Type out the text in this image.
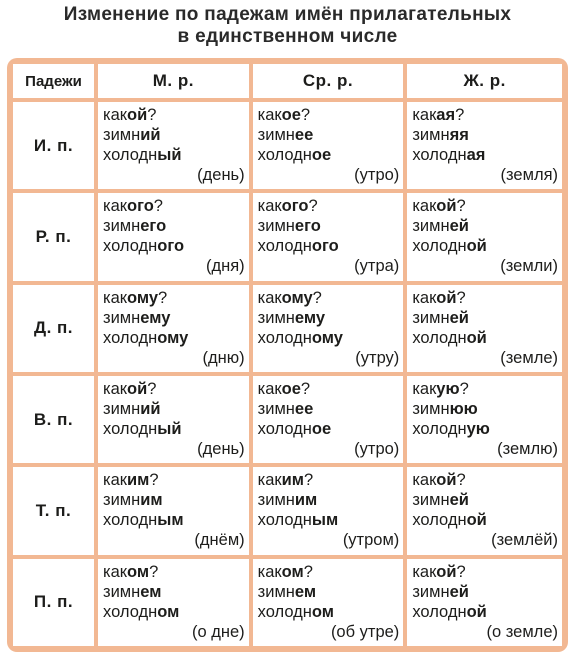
Изменение по падежам имён прилагательных
в единственном числе
Падежи	М. р.	Ср. р.	Ж. р.
И. п.	какой?
зимний
холодный
(день)	какое?
зимнее
холодное
(утро)	какая?
зимняя
холодная
(земля)

Р. п.	какого?
зимнего
холодного
(дня)	какого?
зимнего
холодного
(утра)	какой?
зимней
холодной
(земли)

Д. п.	какому?
зимнему
холодному
(дню)	какому?
зимнему
холодному
(утру)	какой?
зимней
холодной
(земле)

В. п.	какой?
зимний
холодный
(день)	какое?
зимнее
холодное
(утро)	какую?
зимнюю
холодную
(землю)

Т. п.	каким?
зимним
холодным
(днём)	каким?
зимним
холодным
(утром)	какой?
зимней
холодной
(землёй)

П. п.	каком?
зимнем
холодном
(о дне)	каком?
зимнем
холодном
(об утре)	какой?
зимней
холодной
(о земле)
